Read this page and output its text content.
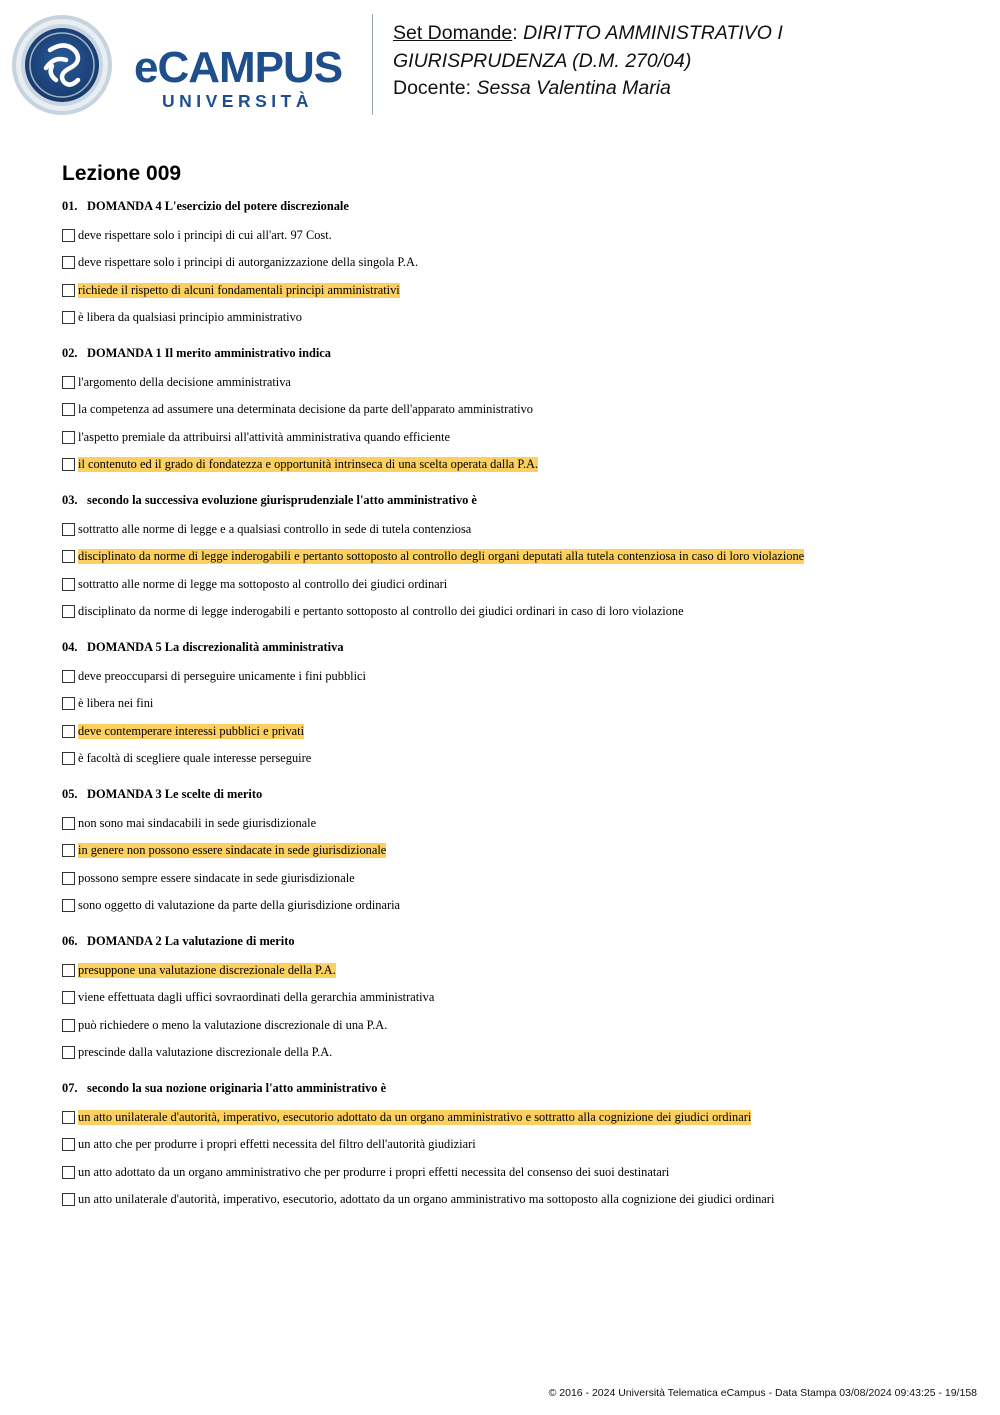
eCAMPUS
UNIVERSITÀ
Set Domande: DIRITTO AMMINISTRATIVO I
GIURISPRUDENZA (D.M. 270/04)
Docente: Sessa Valentina Maria
Lezione 009
01. DOMANDA 4 L'esercizio del potere discrezionale
deve rispettare solo i principi di cui all'art. 97 Cost.
deve rispettare solo i principi di autorganizzazione della singola P.A.
richiede il rispetto di alcuni fondamentali principi amministrativi
è libera da qualsiasi principio amministrativo
02. DOMANDA 1 Il merito amministrativo indica
l'argomento della decisione amministrativa
la competenza ad assumere una determinata decisione da parte dell'apparato amministrativo
l'aspetto premiale da attribuirsi all'attività amministrativa quando efficiente
il contenuto ed il grado di fondatezza e opportunità intrinseca di una scelta operata dalla P.A.
03. secondo la successiva evoluzione giurisprudenziale l'atto amministrativo è
sottratto alle norme di legge e a qualsiasi controllo in sede di tutela contenziosa
disciplinato da norme di legge inderogabili e pertanto sottoposto al controllo degli organi deputati alla tutela contenziosa in caso di loro violazione
sottratto alle norme di legge ma sottoposto al controllo dei giudici ordinari
disciplinato da norme di legge inderogabili e pertanto sottoposto al controllo dei giudici ordinari in caso di loro violazione
04. DOMANDA 5 La discrezionalità amministrativa
deve preoccuparsi di perseguire unicamente i fini pubblici
è libera nei fini
deve contemperare interessi pubblici e privati
è facoltà di scegliere quale interesse perseguire
05. DOMANDA 3 Le scelte di merito
non sono mai sindacabili in sede giurisdizionale
in genere non possono essere sindacate in sede giurisdizionale
possono sempre essere sindacate in sede giurisdizionale
sono oggetto di valutazione da parte della giurisdizione ordinaria
06. DOMANDA 2 La valutazione di merito
presuppone una valutazione discrezionale della P.A.
viene effettuata dagli uffici sovraordinati della gerarchia amministrativa
può richiedere o meno la valutazione discrezionale di una P.A.
prescinde dalla valutazione discrezionale della P.A.
07. secondo la sua nozione originaria l'atto amministrativo è
un atto unilaterale d'autorità, imperativo, esecutorio adottato da un organo amministrativo e sottratto alla cognizione dei giudici ordinari
un atto che per produrre i propri effetti necessita del filtro dell'autorità giudiziari
un atto adottato da un organo amministrativo che per produrre i propri effetti necessita del consenso dei suoi destinatari
un atto unilaterale d'autorità, imperativo, esecutorio, adottato da un organo amministrativo ma sottoposto alla cognizione dei giudici ordinari
© 2016 - 2024 Università Telematica eCampus - Data Stampa 03/08/2024 09:43:25 - 19/158
